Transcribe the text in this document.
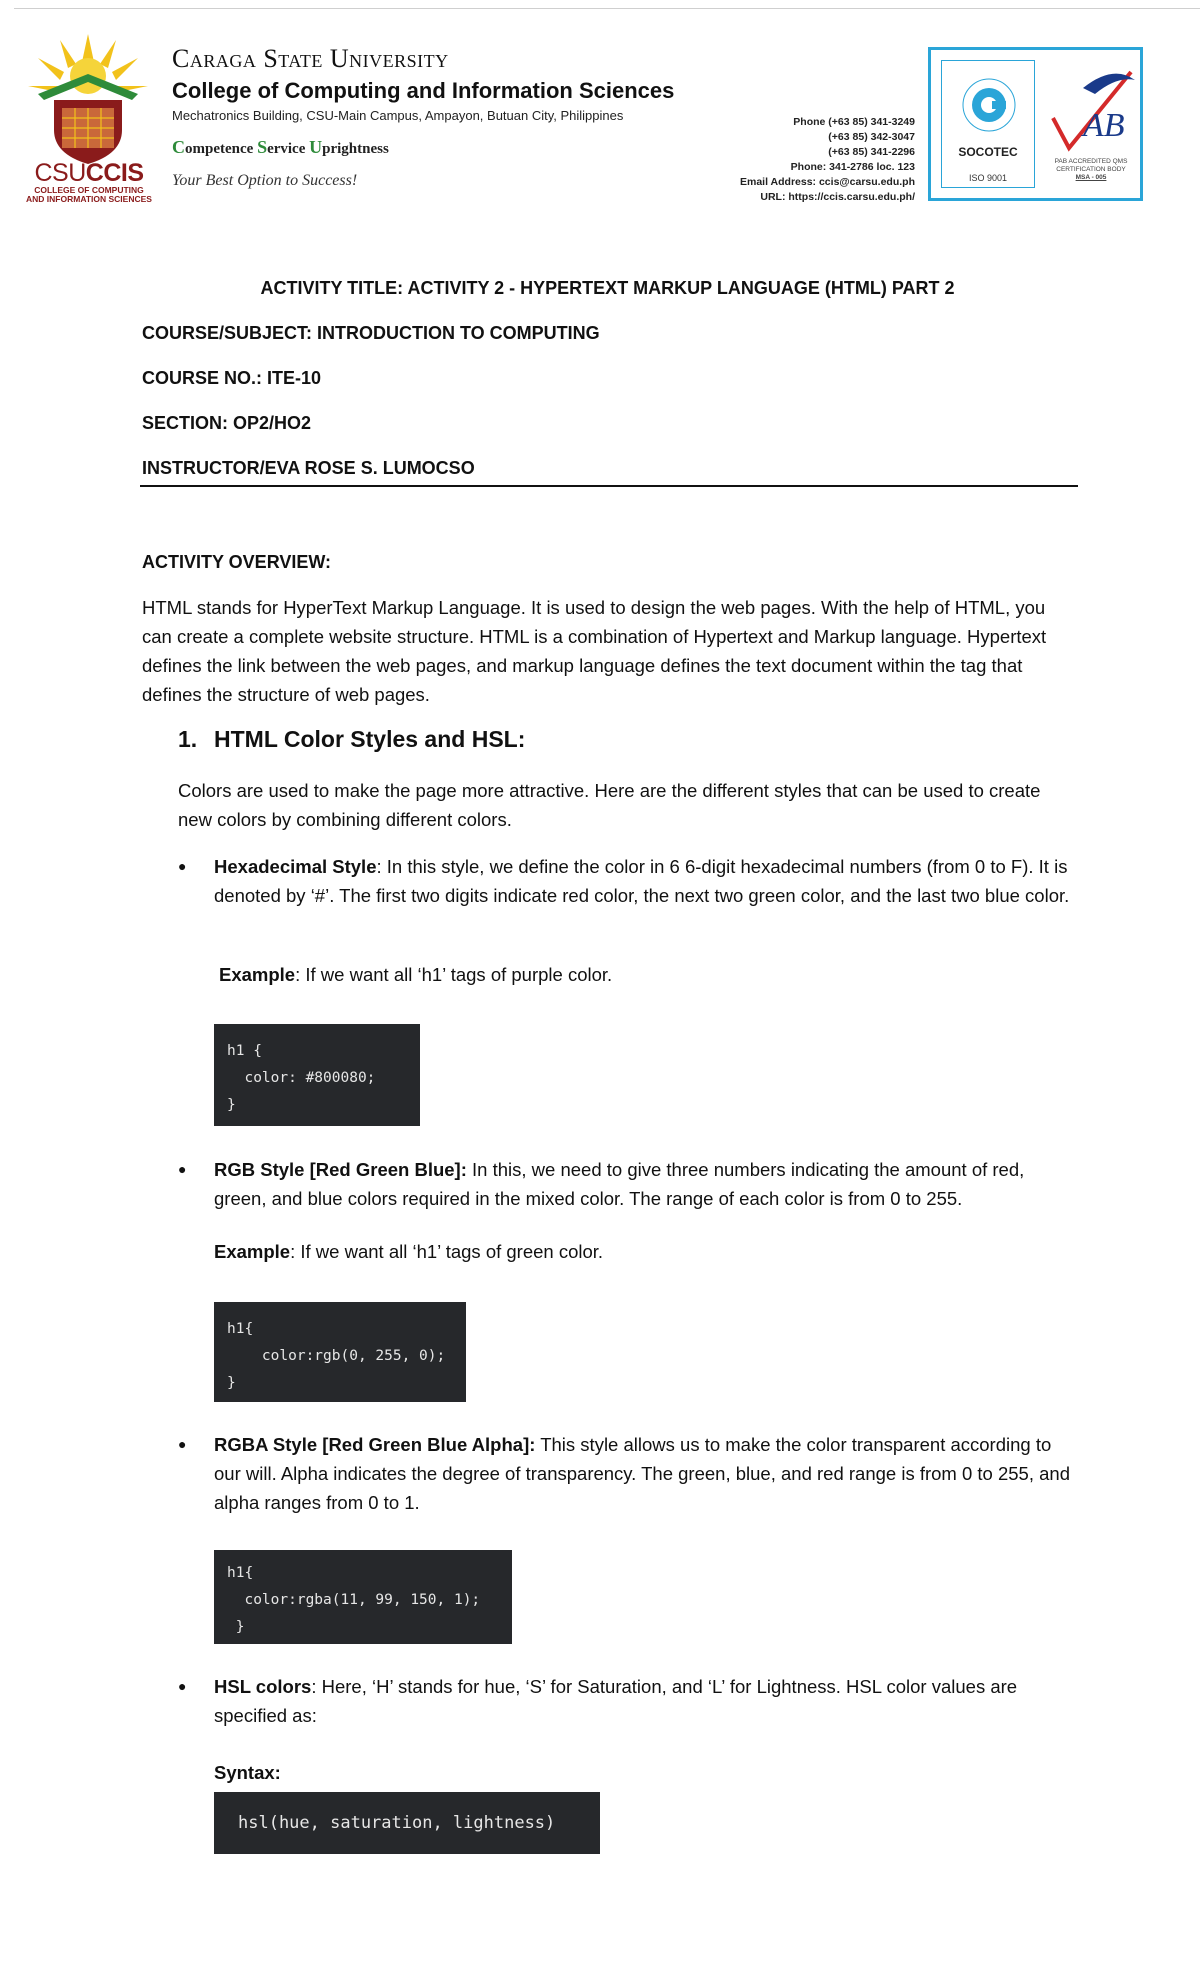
CSUCCIS
COLLEGE OF COMPUTING
AND INFORMATION SCIENCES
Caraga State University
College of Computing and Information Sciences
Mechatronics Building, CSU-Main Campus, Ampayon, Butuan City, Philippines
Competence Service Uprightness
Your Best Option to Success!
Phone (+63 85) 341-3249
(+63 85) 342-3047
(+63 85) 341-2296
Phone: 341-2786 loc. 123
Email Address: ccis@carsu.edu.ph
URL: https://ccis.carsu.edu.ph/
SOCOTEC
ISO 9001
AB
PAB ACCREDITED QMS
CERTIFICATION BODY
MSA - 005
ACTIVITY TITLE: ACTIVITY 2 - HYPERTEXT MARKUP LANGUAGE (HTML) PART 2
COURSE/SUBJECT: INTRODUCTION TO COMPUTING
COURSE NO.: ITE-10
SECTION: OP2/HO2
INSTRUCTOR/EVA ROSE S. LUMOCSO
ACTIVITY OVERVIEW:
HTML stands for HyperText Markup Language. It is used to design the web pages. With the help of HTML, you can create a complete website structure. HTML is a combination of Hypertext and Markup language. Hypertext defines the link between the web pages, and markup language defines the text document within the tag that defines the structure of web pages.
1. HTML Color Styles and HSL:
Colors are used to make the page more attractive. Here are the different styles that can be used to create new colors by combining different colors.
●	Hexadecimal Style: In this style, we define the color in 6 6-digit hexadecimal numbers (from 0 to F). It is denoted by ‘#’. The first two digits indicate red color, the next two green color, and the last two blue color.
Example: If we want all ‘h1’ tags of purple color.
h1 {
color: #800080;
}
●	RGB Style [Red Green Blue]: In this, we need to give three numbers indicating the amount of red, green, and blue colors required in the mixed color. The range of each color is from 0 to 255.
Example: If we want all ‘h1’ tags of green color.
h1{
color:rgb(0, 255, 0);
}
●	RGBA Style [Red Green Blue Alpha]: This style allows us to make the color transparent according to our will. Alpha indicates the degree of transparency. The green, blue, and red range is from 0 to 255, and alpha ranges from 0 to 1.
h1{
color:rgba(11, 99, 150, 1);
}
●	HSL colors: Here, ‘H’ stands for hue, ‘S’ for Saturation, and ‘L’ for Lightness. HSL color values are specified as:
Syntax:
hsl(hue, saturation, lightness)
